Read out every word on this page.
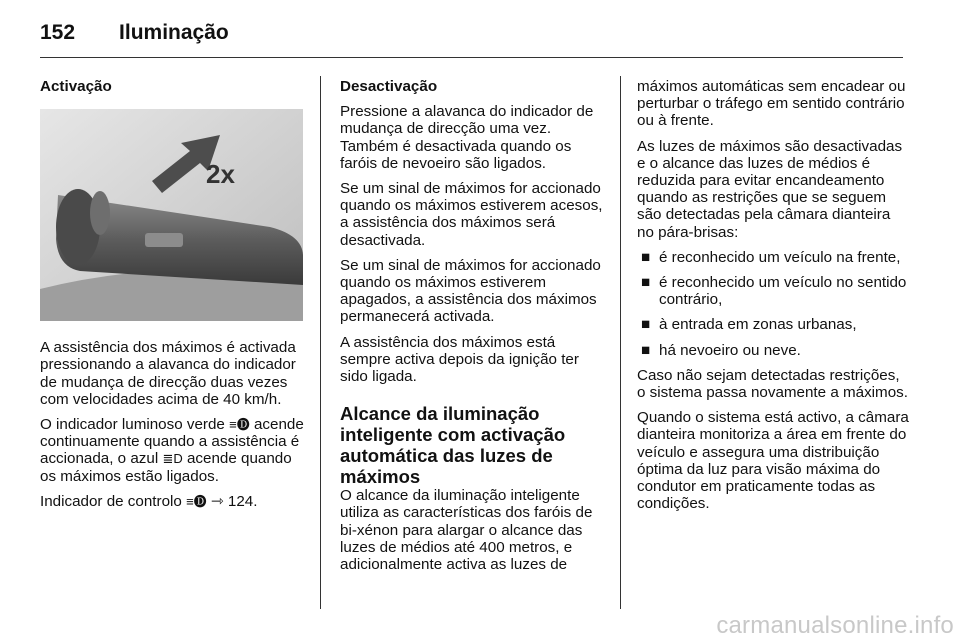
152 Iluminação

Activação

2x

A assistência dos máximos é activada pressionando a alavanca do indicador de mudança de direcção duas vezes com velocidades acima de 40 km/h.

O indicador luminoso verde ≡🅓 acende continuamente quando a assistência é accionada, o azul ≣D acende quando os máximos estão ligados.

Indicador de controlo ≡🅓 ⇾ 124.

Desactivação

Pressione a alavanca do indicador de mudança de direcção uma vez. Também é desactivada quando os faróis de nevoeiro são ligados.

Se um sinal de máximos for accionado quando os máximos estiverem acesos, a assistência dos máximos será desactivada.

Se um sinal de máximos for accionado quando os máximos estiverem apagados, a assistência dos máximos permanecerá activada.

A assistência dos máximos está sempre activa depois da ignição ter sido ligada.

Alcance da iluminação inteligente com activação automática das luzes de máximos

O alcance da iluminação inteligente utiliza as características dos faróis de bi-xénon para alargar o alcance das luzes de médios até 400 metros, e adicionalmente activa as luzes de

máximos automáticas sem encadear ou perturbar o tráfego em sentido contrário ou à frente.

As luzes de máximos são desactivadas e o alcance das luzes de médios é reduzida para evitar encandeamento quando as restrições que se seguem são detectadas pela câmara dianteira no pára-brisas:

■ é reconhecido um veículo na frente,
■ é reconhecido um veículo no sentido contrário,
■ à entrada em zonas urbanas,
■ há nevoeiro ou neve.

Caso não sejam detectadas restrições, o sistema passa novamente a máximos.

Quando o sistema está activo, a câmara dianteira monitoriza a área em frente do veículo e assegura uma distribuição óptima da luz para visão máxima do condutor em praticamente todas as condições.

carmanualsonline.info
